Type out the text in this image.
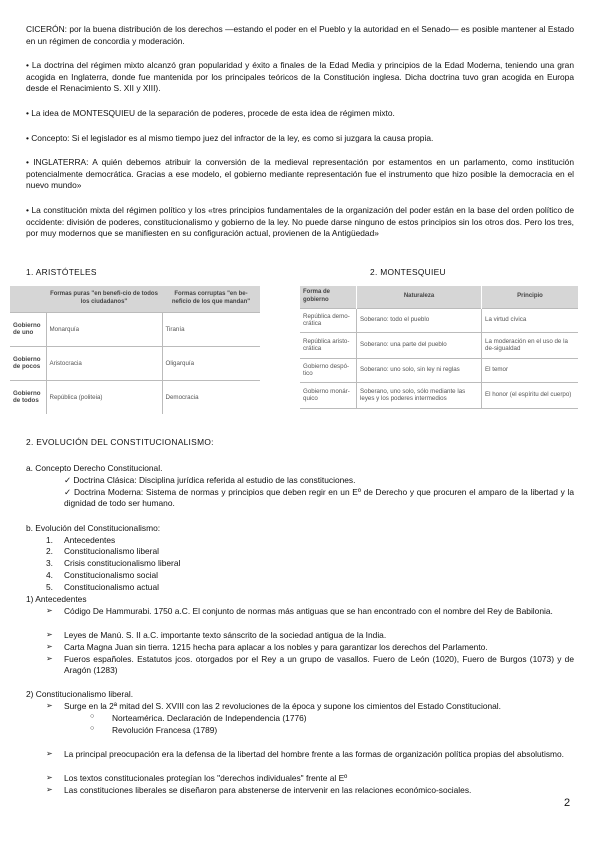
CICERÓN: por la buena distribución de los derechos —estando el poder en el Pueblo y la autoridad en el Senado— es posible mantener al Estado en un régimen de concordia y moderación.
• La doctrina del régimen mixto alcanzó gran popularidad y éxito a finales de la Edad Media y principios de la Edad Moderna, teniendo una gran acogida en Inglaterra, donde fue mantenida por los principales teóricos de la Constitución inglesa. Dicha doctrina tuvo gran acogida en Europa desde el Renacimiento S. XII y XIII).
• La idea de MONTESQUIEU de la separación de poderes, procede de esta idea de régimen mixto.
• Concepto: Si el legislador es al mismo tiempo juez del infractor de la ley, es como si juzgara la causa propia.
• INGLATERRA: A quién debemos atribuir la conversión de la medieval representación por estamentos en un parlamento, como institución potencialmente democrática. Gracias a ese modelo, el gobierno mediante representación fue el instrumento que hizo posible la democracia en el nuevo mundo»
• La constitución mixta del régimen político y los «tres principios fundamentales de la organización del poder están en la base del orden político de occidente: división de poderes, constitucionalismo y gobierno de la ley. No puede darse ninguno de estos principios sin los otros dos. Pero los tres, por muy modernos que se manifiesten en su configuración actual, provienen de la Antigüedad»
1. ARISTÓTELES	2. MONTESQUIEU
	Formas puras "en benefi-cio de todos los ciudadanos"	Formas corruptas "en be-neficio de los que mandan"
Gobierno de uno	Monarquía	Tiranía
Gobierno de pocos	Aristocracia	Oligarquía
Gobierno de todos	República (politeia)	Democracia
Forma de gobierno	Naturaleza	Principio
República demo-crática	Soberano: todo el pueblo	La virtud cívica
República aristo-crática	Soberano: una parte del pueblo	La moderación en el uso de la de-sigualdad
Gobierno despó-tico	Soberano: uno solo, sin ley ni reglas	El temor
Gobierno monár-quico	Soberano, uno solo, sólo mediante las leyes y los poderes intermedios	El honor (el espíritu del cuerpo)
2. EVOLUCIÓN DEL CONSTITUCIONALISMO:
a. Concepto Derecho Constitucional.
✓ Doctrina Clásica: Disciplina jurídica referida al estudio de las constituciones.
✓ Doctrina Moderna: Sistema de normas y principios que deben regir en un Eº de Derecho y que procuren el amparo de la libertad y la dignidad de todo ser humano.
b. Evolución del Constitucionalismo:
1. Antecedentes
2. Constitucionalismo liberal
3. Crisis constitucionalismo liberal
4. Constitucionalismo social
5. Constitucionalismo actual
1) Antecedentes
➢ Código De Hammurabi. 1750 a.C. El conjunto de normas más antiguas que se han encontrado con el nombre del Rey de Babilonia.
➢ Leyes de Manú. S. II a.C. importante texto sánscrito de la sociedad antigua de la India.
➢ Carta Magna Juan sin tierra. 1215 hecha para aplacar a los nobles y para garantizar los derechos del Parlamento.
➢ Fueros españoles. Estatutos jcos. otorgados por el Rey a un grupo de vasallos. Fuero de León (1020), Fuero de Burgos (1073) y de Aragón (1283)
2) Constitucionalismo liberal.
➢ Surge en la 2ª mitad del S. XVIII con las 2 revoluciones de la época y supone los cimientos del Estado Constitucional.
○ Norteamérica. Declaración de Independencia (1776)
○ Revolución Francesa (1789)
➢ La principal preocupación era la defensa de la libertad del hombre frente a las formas de organización política propias del absolutismo.
➢ Los textos constitucionales protegían los "derechos individuales" frente al Eº
➢ Las constituciones liberales se diseñaron para abstenerse de intervenir en las relaciones económico-sociales.
2
